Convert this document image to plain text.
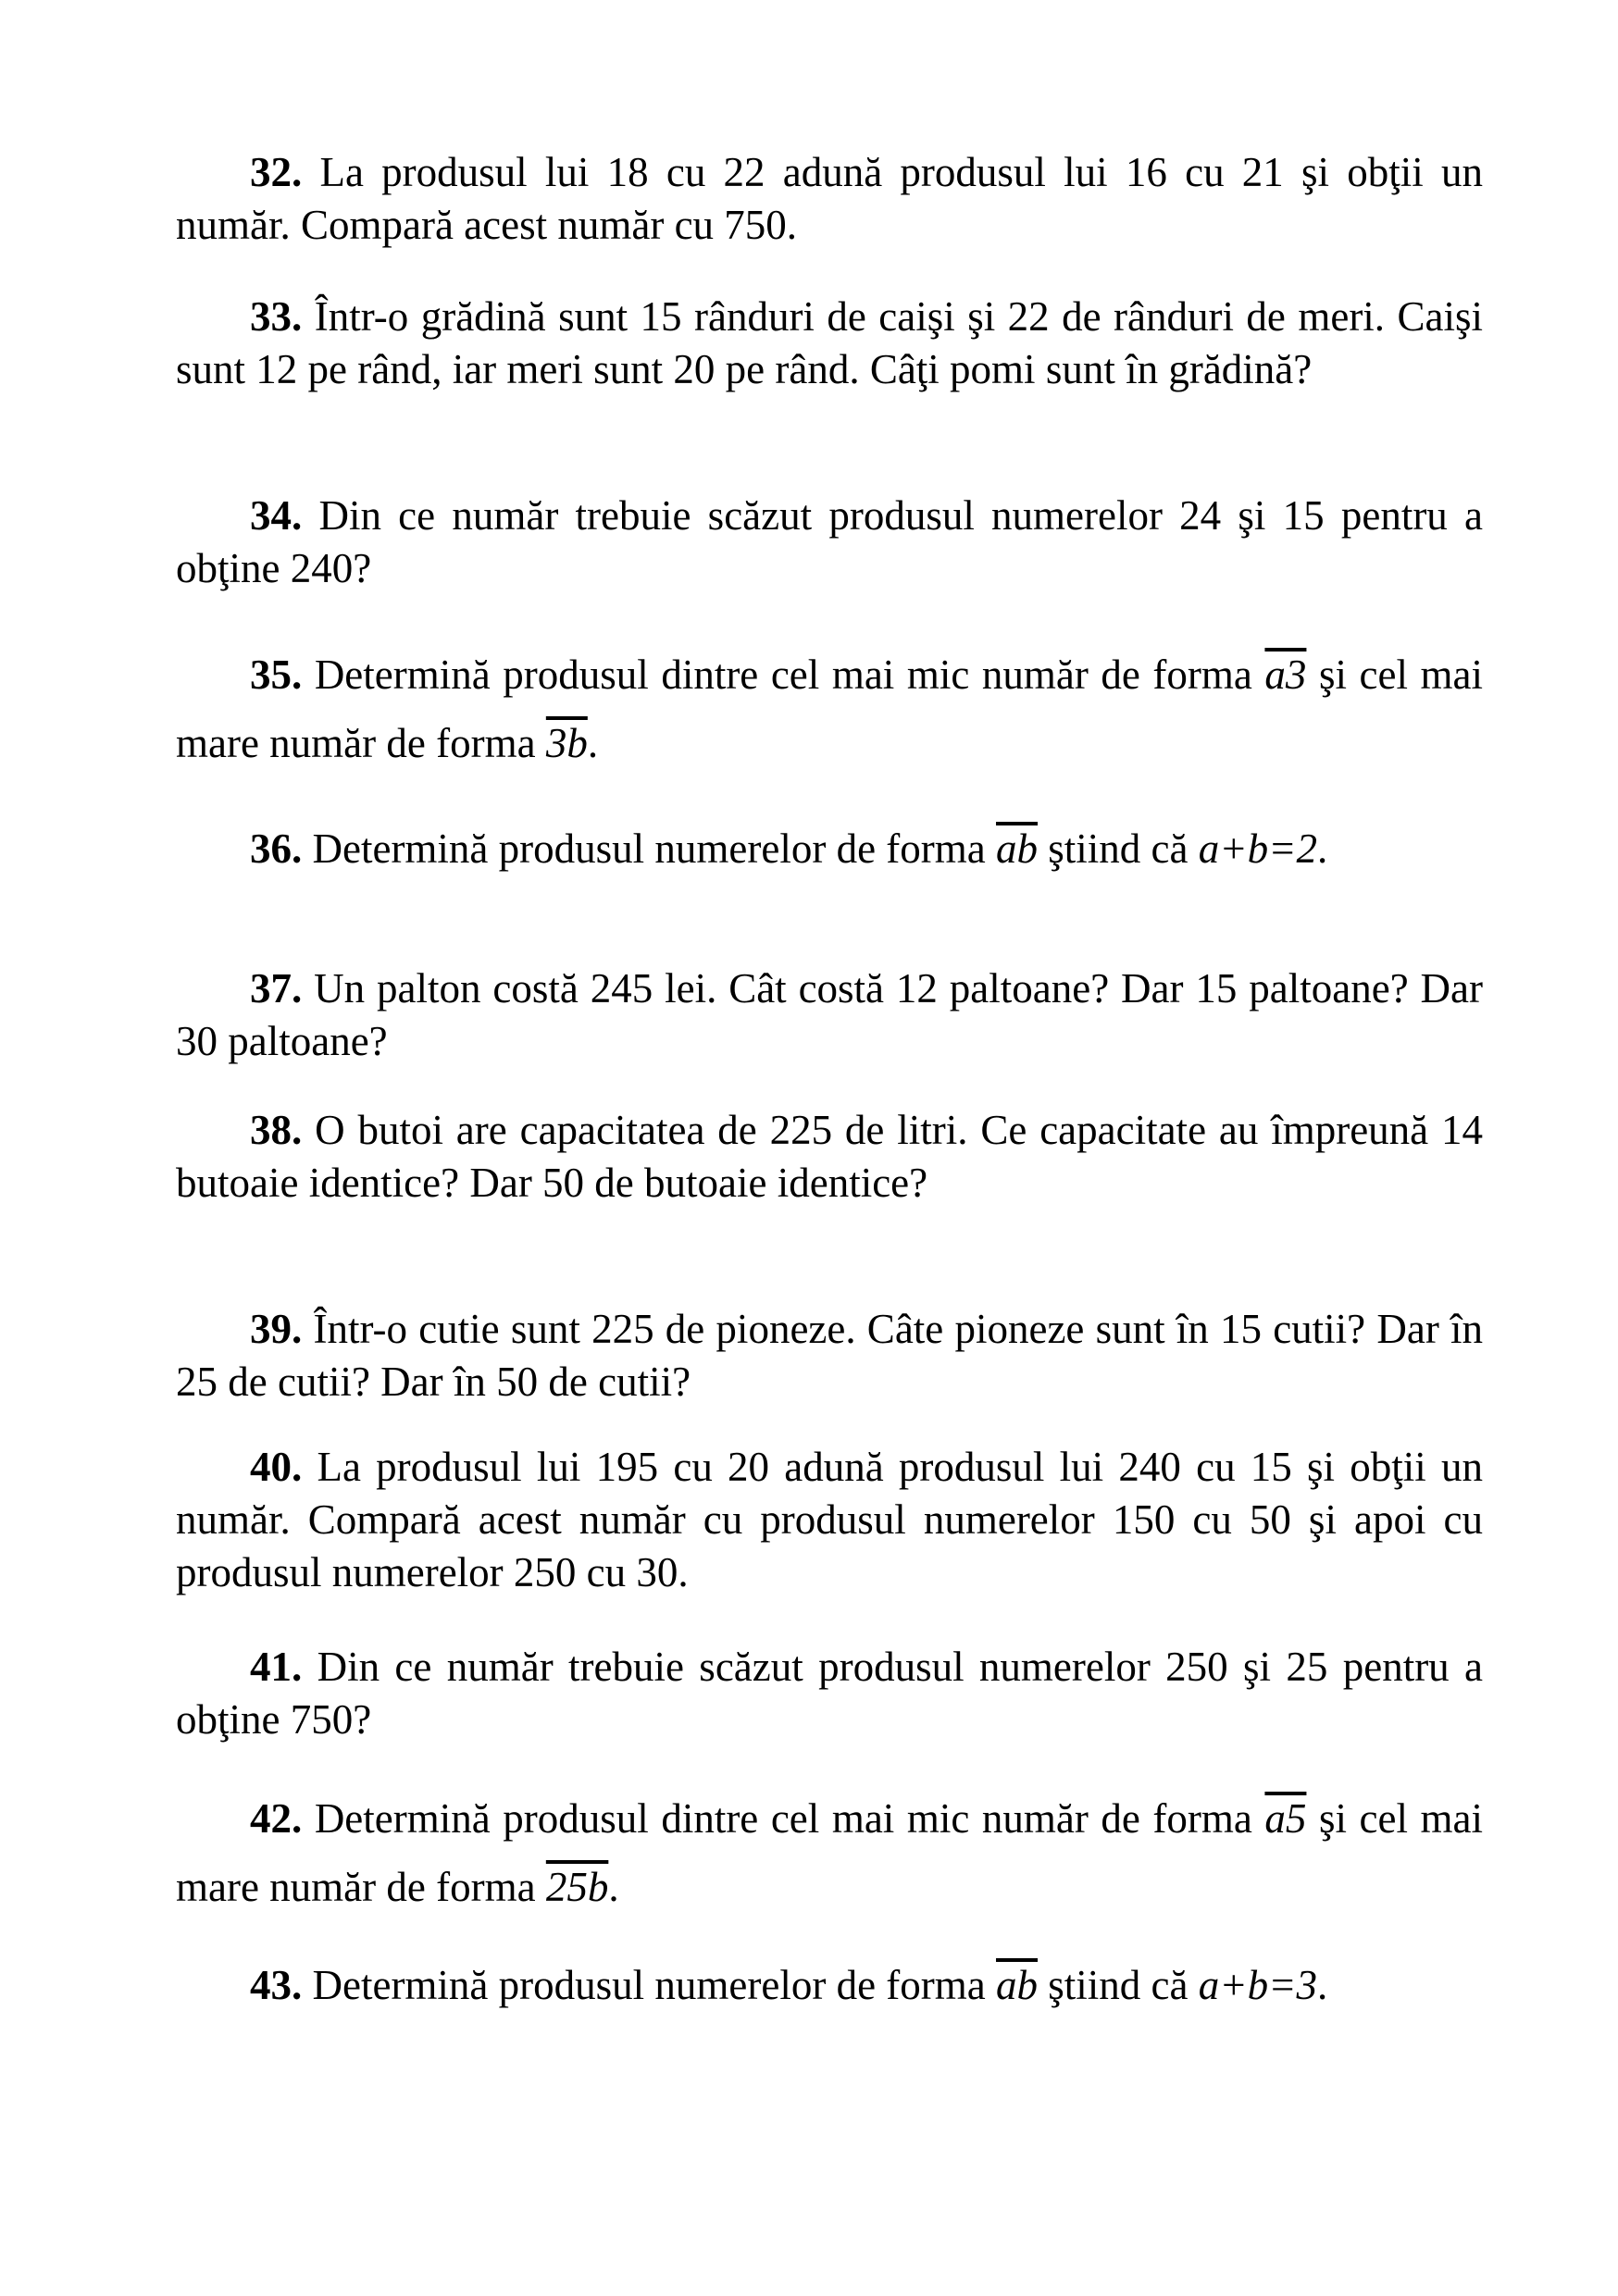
32. La produsul lui 18 cu 22 adună produsul lui 16 cu 21 şi obţii un număr. Compară acest număr cu 750.
33. Într-o grădină sunt 15 rânduri de caişi şi 22 de rânduri de meri. Caişi sunt 12 pe rând, iar meri sunt 20 pe rând. Câţi pomi sunt în grădină?
34. Din ce număr trebuie scăzut produsul numerelor 24 şi 15 pentru a obţine 240?
35. Determină produsul dintre cel mai mic număr de forma a3 şi cel mai mare număr de forma 3b.
36. Determină produsul numerelor de forma $\overline{ab}$ ştiind că a+b=2.
37. Un palton costă 245 lei. Cât costă 12 paltoane? Dar 15 paltoane? Dar 30 paltoane?
38. O butoi are capacitatea de 225 de litri. Ce capacitate au împreună 14 butoaie identice? Dar 50 de butoaie identice?
39. Într-o cutie sunt 225 de pioneze. Câte pioneze sunt în 15 cutii? Dar în 25 de cutii? Dar în 50 de cutii?
40. La produsul lui 195 cu 20 adună produsul lui 240 cu 15 şi obţii un număr. Compară acest număr cu produsul numerelor 150 cu 50 şi apoi cu produsul numerelor 250 cu 30.
41. Din ce număr trebuie scăzut produsul numerelor 250 şi 25 pentru a obţine 750?
42. Determină produsul dintre cel mai mic număr de forma a5 şi cel mai mare număr de forma 25b.
43. Determină produsul numerelor de forma $\overline{ab}$ ştiind că a+b=3.
